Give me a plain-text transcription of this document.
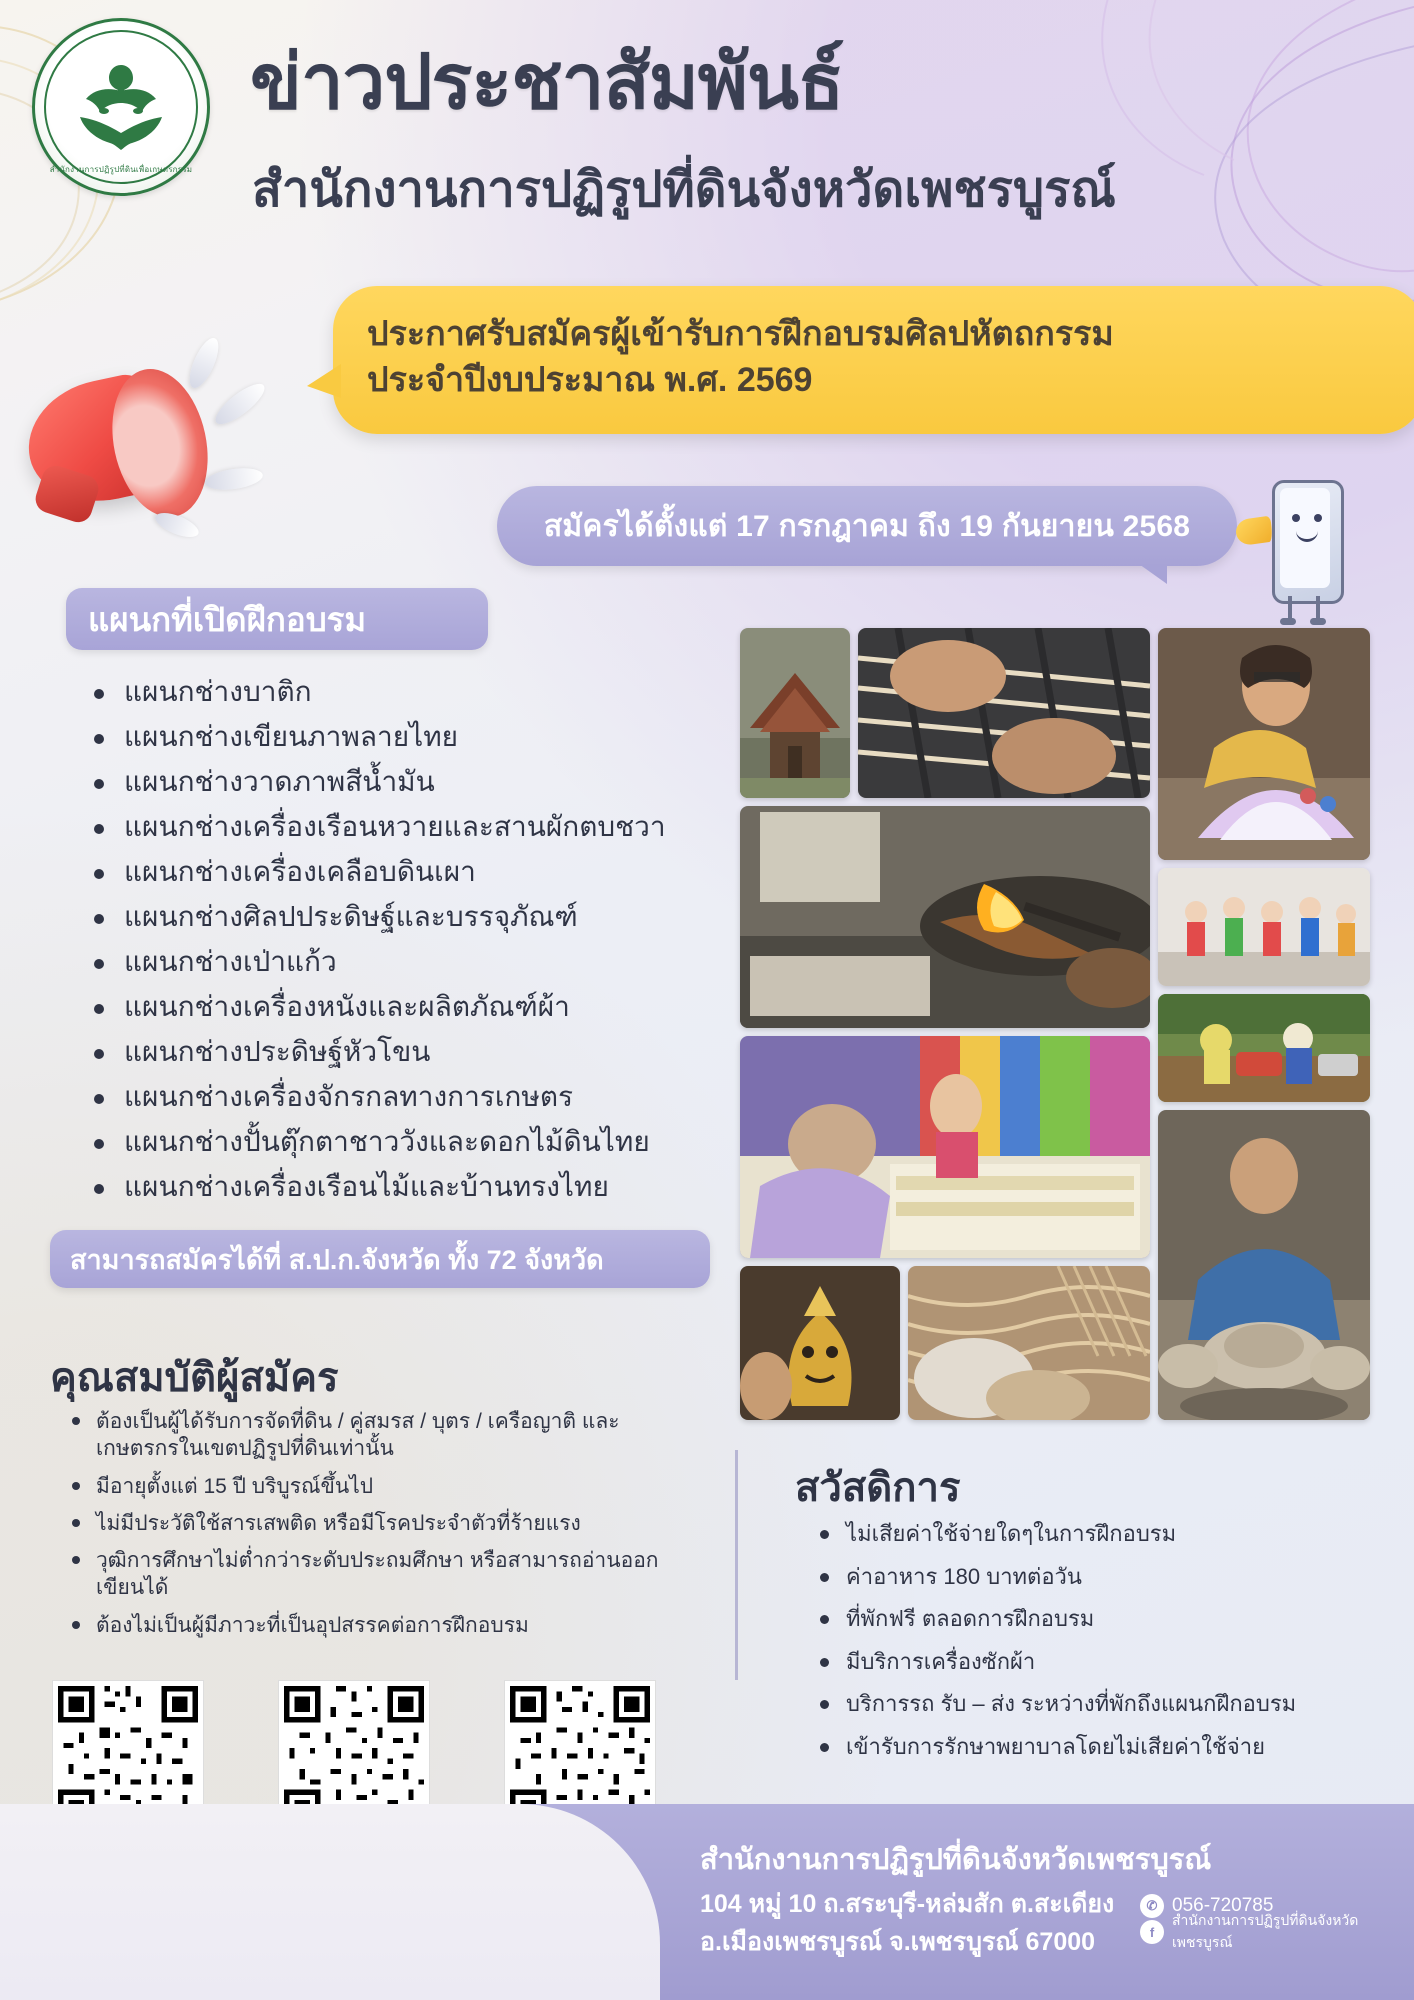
สำนักงานการปฏิรูปที่ดินเพื่อเกษตรกรรม
ข่าวประชาสัมพันธ์
สำนักงานการปฏิรูปที่ดินจังหวัดเพชรบูรณ์
ประกาศรับสมัครผู้เข้ารับการฝึกอบรมศิลปหัตถกรรม
ประจำปีงบประมาณ พ.ศ. 2569
สมัครได้ตั้งแต่ 17 กรกฎาคม ถึง 19 กันยายน 2568
แผนกที่เปิดฝึกอบรม
แผนกช่างบาติก
แผนกช่างเขียนภาพลายไทย
แผนกช่างวาดภาพสีน้ำมัน
แผนกช่างเครื่องเรือนหวายและสานผักตบชวา
แผนกช่างเครื่องเคลือบดินเผา
แผนกช่างศิลปประดิษฐ์และบรรจุภัณฑ์
แผนกช่างเป่าแก้ว
แผนกช่างเครื่องหนังและผลิตภัณฑ์ผ้า
แผนกช่างประดิษฐ์หัวโขน
แผนกช่างเครื่องจักรกลทางการเกษตร
แผนกช่างปั้นตุ๊กตาชาววังและดอกไม้ดินไทย
แผนกช่างเครื่องเรือนไม้และบ้านทรงไทย
สามารถสมัครได้ที่ ส.ป.ก.จังหวัด ทั้ง 72 จังหวัด
คุณสมบัติผู้สมัคร
ต้องเป็นผู้ได้รับการจัดที่ดิน / คู่สมรส / บุตร / เครือญาติ และเกษตรกรในเขตปฏิรูปที่ดินเท่านั้น
มีอายุตั้งแต่ 15 ปี บริบูรณ์ขึ้นไป
ไม่มีประวัติใช้สารเสพติด หรือมีโรคประจำตัวที่ร้ายแรง
วุฒิการศึกษาไม่ต่ำกว่าระดับประถมศึกษา หรือสามารถอ่านออกเขียนได้
ต้องไม่เป็นผู้มีภาวะที่เป็นอุปสรรคต่อการฝึกอบรม
สวัสดิการ
ไม่เสียค่าใช้จ่ายใดๆในการฝึกอบรม
ค่าอาหาร 180 บาทต่อวัน
ที่พักฟรี ตลอดการฝึกอบรม
มีบริการเครื่องซักผ้า
บริการรถ รับ – ส่ง ระหว่างที่พักถึงแผนกฝึกอบรม
เข้ารับการรักษาพยาบาลโดยไม่เสียค่าใช้จ่าย
สำนักงานการปฏิรูปที่ดินจังหวัดเพชรบูรณ์
104 หมู่ 10 ถ.สระบุรี-หล่มสัก ต.สะเดียง
อ.เมืองเพชรบูรณ์ จ.เพชรบูรณ์ 67000
✆ 056-720785
f
สำนักงานการปฏิรูปที่ดินจังหวัดเพชรบูรณ์
